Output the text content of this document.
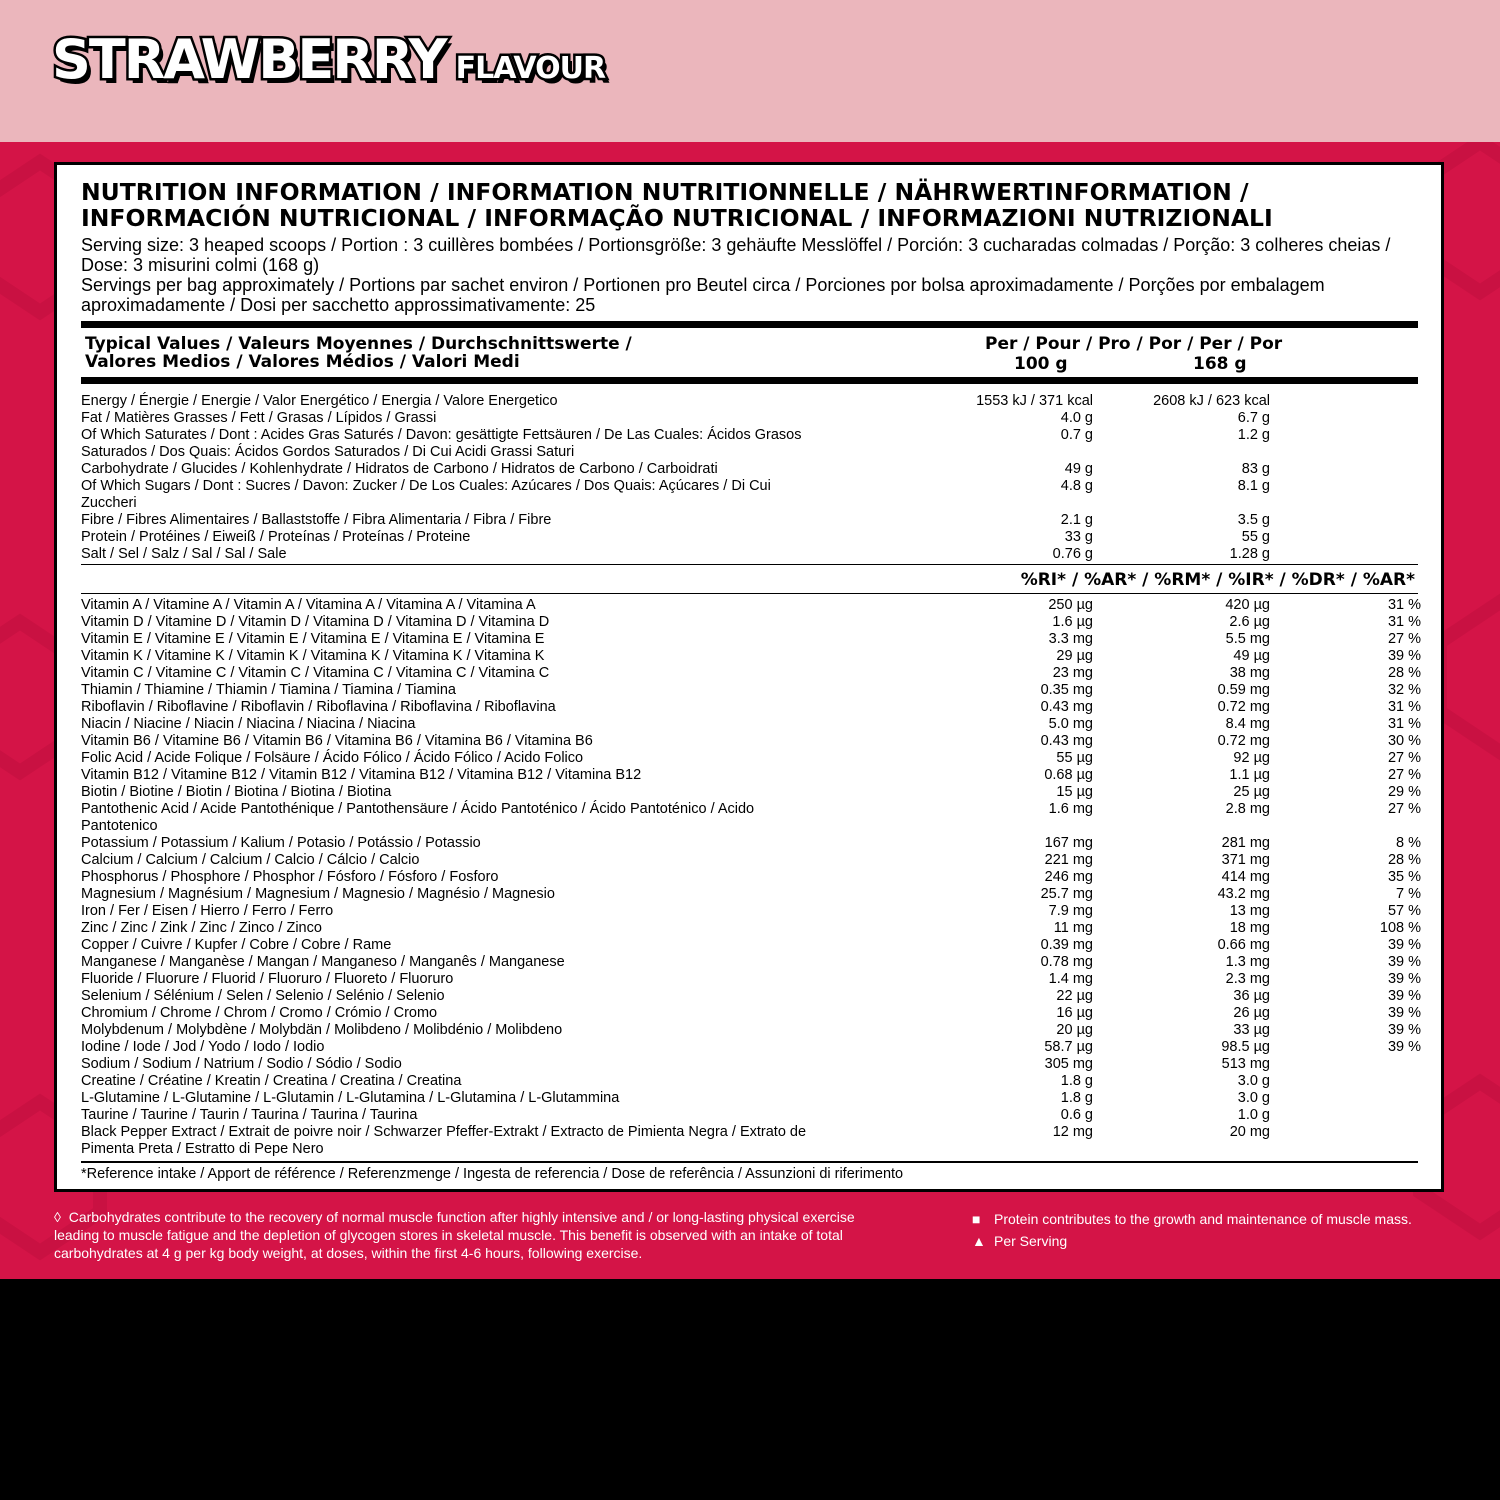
STRAWBERRY FLAVOUR
NUTRITION INFORMATION / INFORMATION NUTRITIONNELLE / NÄHRWERTINFORMATION /
INFORMACIÓN NUTRICIONAL / INFORMAÇÃO NUTRICIONAL / INFORMAZIONI NUTRIZIONALI
Serving size: 3 heaped scoops / Portion : 3 cuillères bombées / Portionsgröße: 3 gehäufte Messlöffel / Porción: 3 cucharadas colmadas / Porção: 3 colheres cheias / Dose: 3 misurini colmi (168 g)
Servings per bag approximately / Portions par sachet environ / Portionen pro Beutel circa / Porciones por bolsa aproximadamente / Porções por embalagem aproximadamente / Dosi per sacchetto approssimativamente: 25
Typical Values / Valeurs Moyennes / Durchschnittswerte /
Valores Medios / Valores Médios / Valori Medi
Per / Pour / Pro / Por / Per / Por
100 g	168 g
Energy / Énergie / Energie / Valor Energético / Energia / Valore Energetico	1553 kJ / 371 kcal	2608 kJ / 623 kcal
Fat / Matières Grasses / Fett / Grasas / Lípidos / Grassi	4.0 g	6.7 g
Of Which Saturates / Dont : Acides Gras Saturés / Davon: gesättigte Fettsäuren / De Las Cuales: Ácidos Grasos Saturados / Dos Quais: Ácidos Gordos Saturados / Di Cui Acidi Grassi Saturi
0.7 g	1.2 g
Carbohydrate / Glucides / Kohlenhydrate / Hidratos de Carbono / Hidratos de Carbono / Carboidrati	49 g	83 g
Of Which Sugars / Dont : Sucres / Davon: Zucker / De Los Cuales: Azúcares / Dos Quais: Açúcares / Di Cui Zuccheri
4.8 g	8.1 g
Fibre / Fibres Alimentaires / Ballaststoffe / Fibra Alimentaria / Fibra / Fibre	2.1 g	3.5 g
Protein / Protéines / Eiweiß / Proteínas / Proteínas / Proteine	33 g	55 g
Salt / Sel / Salz / Sal / Sal / Sale	0.76 g	1.28 g
%RI* / %AR* / %RM* / %IR* / %DR* / %AR*
Vitamin A / Vitamine A / Vitamin A / Vitamina A / Vitamina A / Vitamina A	250 µg	420 µg	31 %
Vitamin D / Vitamine D / Vitamin D / Vitamina D / Vitamina D / Vitamina D	1.6 µg	2.6 µg	31 %
Vitamin E / Vitamine E / Vitamin E / Vitamina E / Vitamina E / Vitamina E	3.3 mg	5.5 mg	27 %
Vitamin K / Vitamine K / Vitamin K / Vitamina K / Vitamina K / Vitamina K	29 µg	49 µg	39 %
Vitamin C / Vitamine C / Vitamin C / Vitamina C / Vitamina C / Vitamina C	23 mg	38 mg	28 %
Thiamin / Thiamine / Thiamin / Tiamina / Tiamina / Tiamina	0.35 mg	0.59 mg	32 %
Riboflavin / Riboflavine / Riboflavin / Riboflavina / Riboflavina / Riboflavina	0.43 mg	0.72 mg	31 %
Niacin / Niacine / Niacin / Niacina / Niacina / Niacina	5.0 mg	8.4 mg	31 %
Vitamin B6 / Vitamine B6 / Vitamin B6 / Vitamina B6 / Vitamina B6 / Vitamina B6	0.43 mg	0.72 mg	30 %
Folic Acid / Acide Folique / Folsäure / Ácido Fólico / Ácido Fólico / Acido Folico	55 µg	92 µg	27 %
Vitamin B12 / Vitamine B12 / Vitamin B12 / Vitamina B12 / Vitamina B12 / Vitamina B12	0.68 µg	1.1 µg	27 %
Biotin / Biotine / Biotin / Biotina / Biotina / Biotina	15 µg	25 µg	29 %
Pantothenic Acid / Acide Pantothénique / Pantothensäure / Ácido Pantoténico / Ácido Pantoténico / Acido Pantotenico
1.6 mg	2.8 mg	27 %
Potassium / Potassium / Kalium / Potasio / Potássio / Potassio	167 mg	281 mg	8 %
Calcium / Calcium / Calcium / Calcio / Cálcio / Calcio	221 mg	371 mg	28 %
Phosphorus / Phosphore / Phosphor / Fósforo / Fósforo / Fosforo	246 mg	414 mg	35 %
Magnesium / Magnésium / Magnesium / Magnesio / Magnésio / Magnesio	25.7 mg	43.2 mg	7 %
Iron / Fer / Eisen / Hierro / Ferro / Ferro	7.9 mg	13 mg	57 %
Zinc / Zinc / Zink / Zinc / Zinco / Zinco	11 mg	18 mg	108 %
Copper / Cuivre / Kupfer / Cobre / Cobre / Rame	0.39 mg	0.66 mg	39 %
Manganese / Manganèse / Mangan / Manganeso / Manganês / Manganese	0.78 mg	1.3 mg	39 %
Fluoride / Fluorure / Fluorid / Fluoruro / Fluoreto / Fluoruro	1.4 mg	2.3 mg	39 %
Selenium / Sélénium / Selen / Selenio / Selénio / Selenio	22 µg	36 µg	39 %
Chromium / Chrome / Chrom / Cromo / Crómio / Cromo	16 µg	26 µg	39 %
Molybdenum / Molybdène / Molybdän / Molibdeno / Molibdénio / Molibdeno	20 µg	33 µg	39 %
Iodine / Iode / Jod / Yodo / Iodo / Iodio	58.7 µg	98.5 µg	39 %
Sodium / Sodium / Natrium / Sodio / Sódio / Sodio	305 mg	513 mg
Creatine / Créatine / Kreatin / Creatina / Creatina / Creatina	1.8 g	3.0 g
L-Glutamine / L-Glutamine / L-Glutamin / L-Glutamina / L-Glutamina / L-Glutammina	1.8 g	3.0 g
Taurine / Taurine / Taurin / Taurina / Taurina / Taurina	0.6 g	1.0 g
Black Pepper Extract / Extrait de poivre noir / Schwarzer Pfeffer-Extrakt / Extracto de Pimienta Negra / Extrato de Pimenta Preta / Estratto di Pepe Nero
12 mg	20 mg
*Reference intake / Apport de référence / Referenzmenge / Ingesta de referencia / Dose de referência / Assunzioni di riferimento
◊ Carbohydrates contribute to the recovery of normal muscle function after highly intensive and / or long-lasting physical exercise leading to muscle fatigue and the depletion of glycogen stores in skeletal muscle. This benefit is observed with an intake of total carbohydrates at 4 g per kg body weight, at doses, within the first 4-6 hours, following exercise.
■ Protein contributes to the growth and maintenance of muscle mass.
▲ Per Serving
